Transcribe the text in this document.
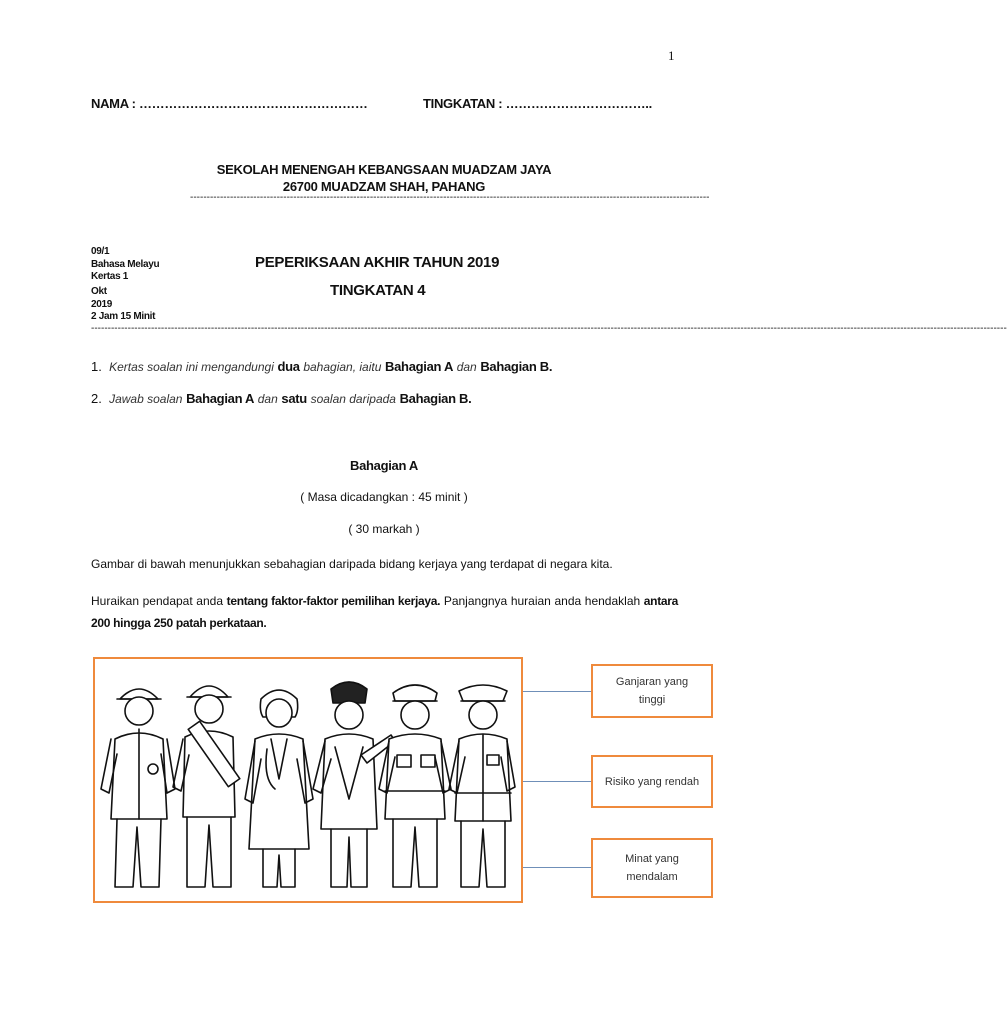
1
NAMA : ………………………………………………	TINGKATAN : ……………………………..
SEKOLAH MENENGAH KEBANGSAAN MUADZAM JAYA
26700 MUADZAM SHAH, PAHANG
------------------------------------------------------------------------------------------------------------------------------------------------------------
09/1
Bahasa Melayu
Kertas 1
Okt
2019
2 Jam 15 Minit
PEPERIKSAAN AKHIR TAHUN 2019
TINGKATAN 4
-----------------------------------------------------------------------------------------------------------------------------------------------------------------------------------------------------------------------------------------------------------------------------------
1. Kertas soalan ini mengandungi dua bahagian, iaitu Bahagian A dan Bahagian B.
2. Jawab soalan Bahagian A dan satu soalan daripada Bahagian B.
Bahagian A
( Masa dicadangkan : 45 minit )
( 30 markah )
Gambar di bawah menunjukkan sebahagian daripada bidang kerjaya yang terdapat di negara kita.
Huraikan pendapat anda tentang faktor-faktor pemilihan kerjaya. Panjangnya huraian anda hendaklah antara 200 hingga 250 patah perkataan.
Ganjaran yang tinggi
Risiko yang rendah
Minat yang mendalam
